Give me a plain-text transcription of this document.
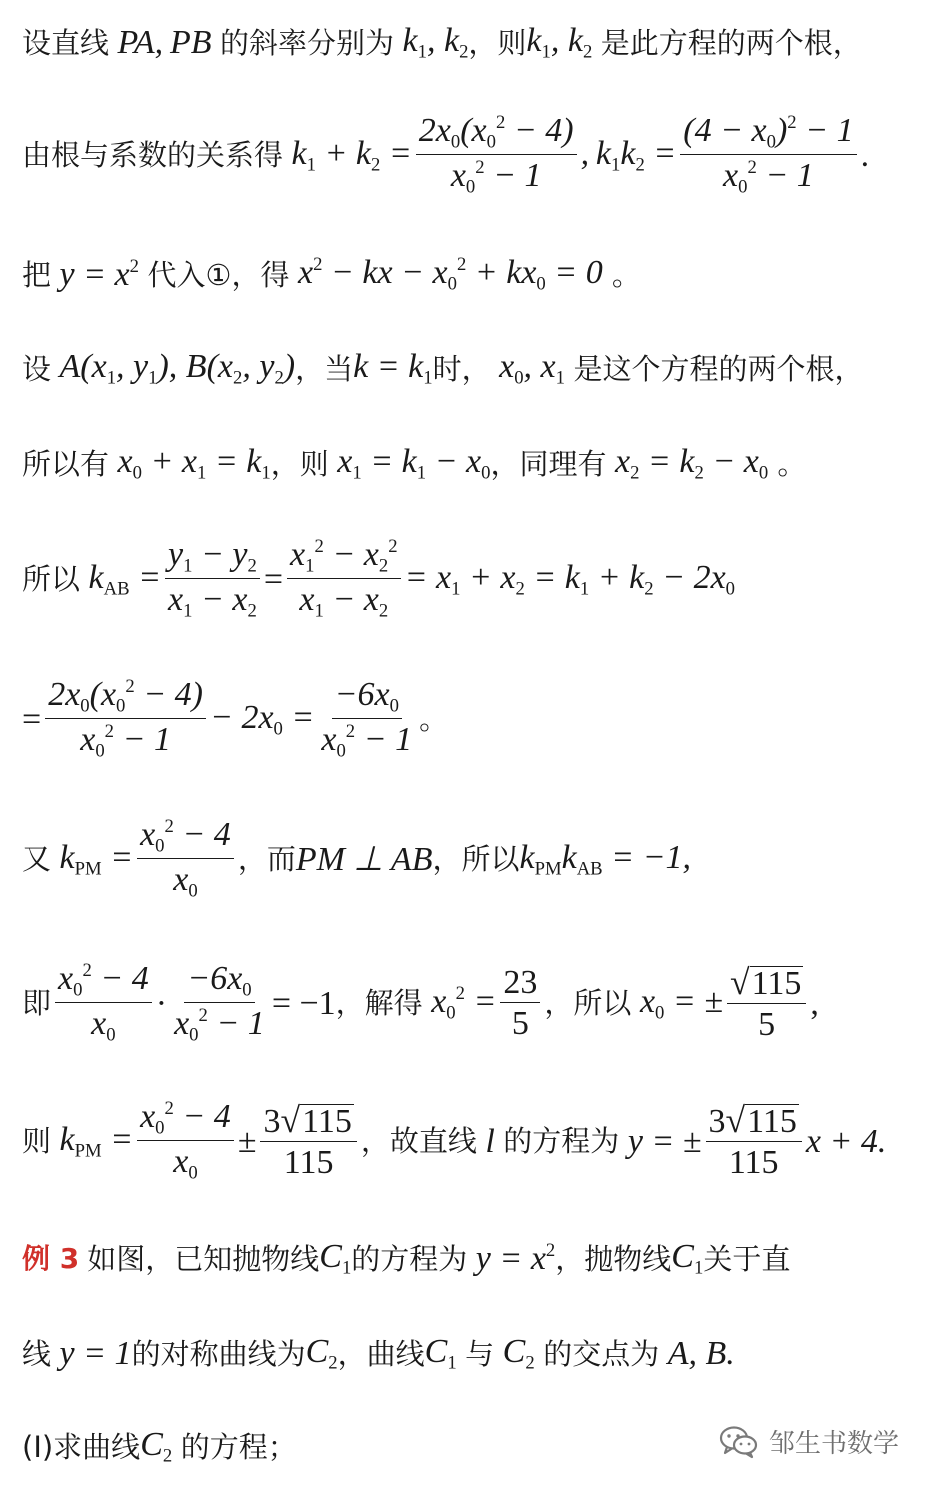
设直线 PA, PB 的斜率分别为 $k_1$, $k_2$ ，则 $k_1$, $k_2$ 是此方程的两个根，
由根与系数的关系得 $k_1 + k_2 = \frac{2x_0(x_0^2 - 4)}{x_0^2 - 1}$ , $k_1k_2 = \frac{(4 - x_0)^2 - 1}{x_0^2 - 1}$ .
把 $y = x^2$ 代入①，得 $x^2$ − kx − $x_0^2 + kx_0 = 0$ 。
设 $A(x_1$, $y_1$), $B(x_2$, $y_2$) ，当 $k = k_1$ 时， $x_0$, $x_1$ 是这个方程的两个根，
所以有 $x_0 + x_1 = k_1$ ，则 $x_1 = k_1 - x_0$ ，同理有 $x_2 = k_2 - x_0$ 。
所以 $k_{AB} = \frac{y_1 - y_2}{x_1 - x_2} = \frac{x_1^2 - x_2^2}{x_1 - x_2} = x_1 + x_2 = k_1 + k_2 - 2x_0$
= $\frac{2x_0(x_0^2 - 4)}{x_0^2 - 1} - 2x_0 = \frac{-6x_0}{x_0^2 - 1}$ 。
又 $k_{PM} = \frac{x_0^2 - 4}{x_0}$ ，而 PM ⊥ AB ，所以 $k_{PM}k_{AB} = -1$,
即 $\frac{x_0^2 - 4}{x_0} \cdot \frac{-6x_0}{x_0^2 - 1} = -1$ ，解得 $x_0^2 = \frac{23}{5}$ ，所以 $x_0$ = ± $\frac{√ 115}{5}$ ,
则 $k_{PM} = \frac{x_0^2 - 4}{x_0} \pm \frac{3 √ 115}{115}$ ，故直线 l 的方程为 y = ± $\frac{3 √ 115}{115}$ x + 4.
例 3 如图，已知抛物线 $C_1$ 的方程为 $y = x^2$ ，抛物线 $C_1$ 关于直
线 y = 1 的对称曲线为 $C_2$ ，曲线 $C_1$ 与 $C_2$ 的交点为 A, B.
(Ⅰ)求曲线 $C_2$ 的方程；	邹生书数学
